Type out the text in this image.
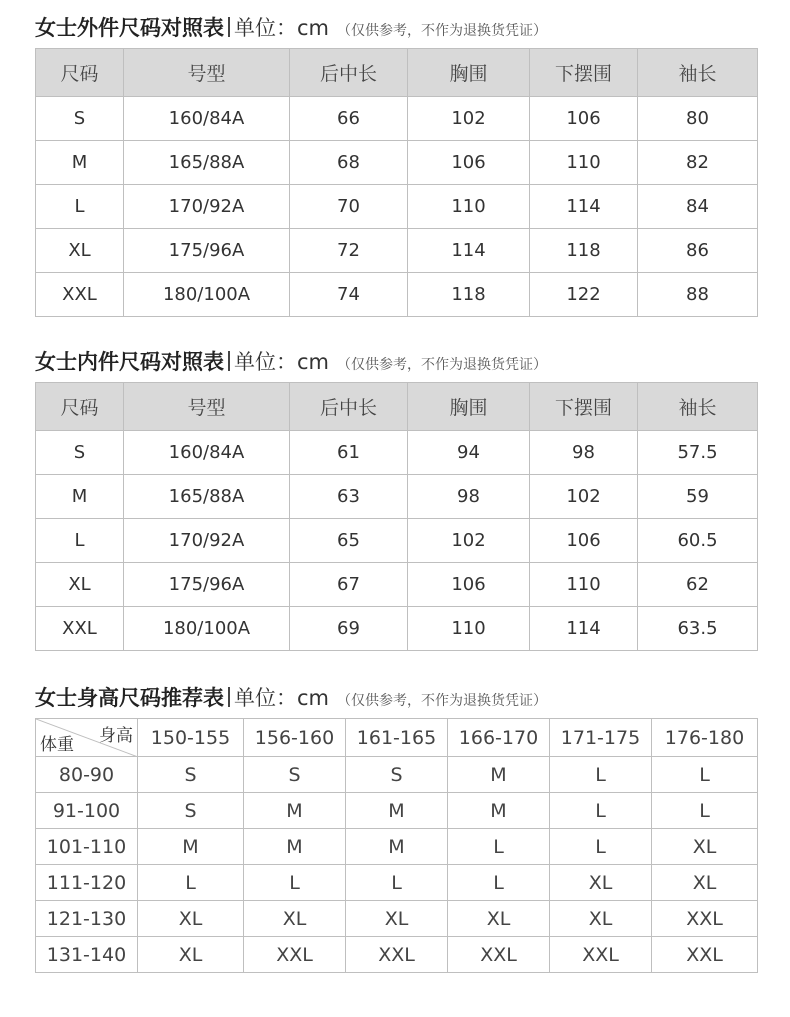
女士外件尺码对照表 单位：cm （仅供参考，不作为退换货凭证）
尺码	号型	后中长	胸围	下摆围	袖长
S	160/84A	66	102	106	80
M	165/88A	68	106	110	82
L	170/92A	70	110	114	84
XL	175/96A	72	114	118	86
XXL	180/100A	74	118	122	88
女士内件尺码对照表 单位：cm （仅供参考，不作为退换货凭证）
尺码	号型	后中长	胸围	下摆围	袖长
S	160/84A	61	94	98	57.5
M	165/88A	63	98	102	59
L	170/92A	65	102	106	60.5
XL	175/96A	67	106	110	62
XXL	180/100A	69	110	114	63.5
女士身高尺码推荐表 单位：cm （仅供参考，不作为退换货凭证）
身高
体重	150-155	156-160	161-165	166-170	171-175	176-180
80-90	S	S	S	M	L	L
91-100	S	M	M	M	L	L
101-110	M	M	M	L	L	XL
111-120	L	L	L	L	XL	XL
121-130	XL	XL	XL	XL	XL	XXL
131-140	XL	XXL	XXL	XXL	XXL	XXL
